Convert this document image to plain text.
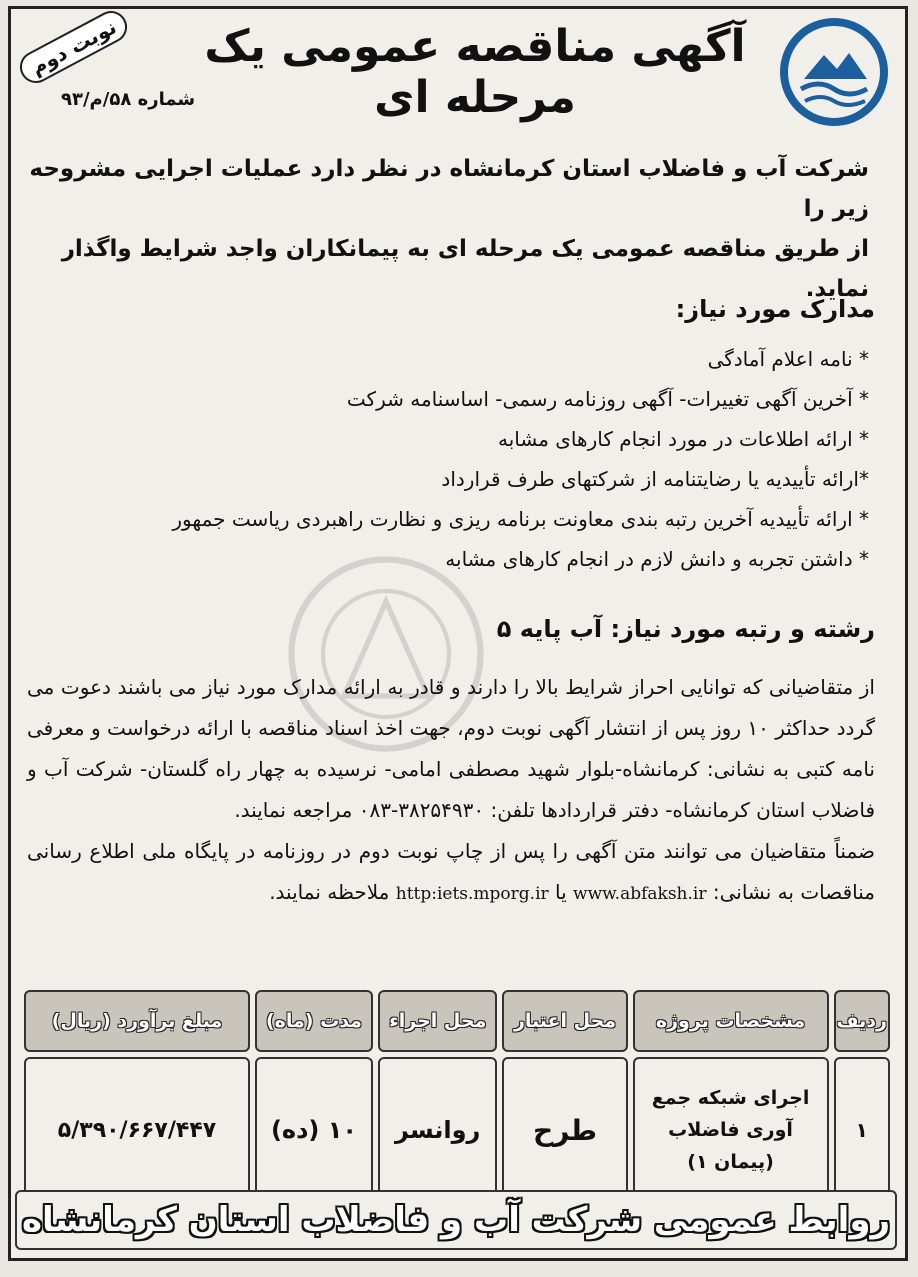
آگهی مناقصه عمومی یک مرحله ای
نوبت دوم
شماره ۵۸/م/۹۳
شرکت آب و فاضلاب استان کرمانشاه در نظر دارد عملیات اجرایی مشروحه زیر را
از طریق مناقصه عمومی یک مرحله ای به پیمانکاران واجد شرایط واگذار نماید.
مدارک مورد نیاز:
* نامه اعلام آمادگی
* آخرین آگهی تغییرات- آگهی روزنامه رسمی- اساسنامه شرکت
* ارائه اطلاعات در مورد انجام کارهای مشابه
*ارائه تأییدیه یا رضایتنامه از شرکتهای طرف قرارداد
* ارائه تأییدیه آخرین رتبه بندی معاونت برنامه ریزی و نظارت راهبردی ریاست جمهور
* داشتن تجربه و دانش لازم در انجام کارهای مشابه
رشته و رتبه مورد نیاز: آب پایه ۵

از متقاضیانی که توانایی احراز شرایط بالا را دارند و قادر به ارائه مدارک مورد نیاز می باشند دعوت می گردد حداکثر ۱۰ روز پس از انتشار آگهی نوبت دوم، جهت اخذ اسناد مناقصه با ارائه درخواست و معرفی نامه کتبی به نشانی: کرمانشاه-بلوار شهید مصطفی امامی- نرسیده به چهار راه گلستان- شرکت آب و فاضلاب استان کرمانشاه- دفتر قراردادها تلفن: ۳۸۲۵۴۹۳۰-۰۸۳ مراجعه نمایند.

ضمناً متقاضیان می توانند متن آگهی را پس از چاپ نوبت دوم در روزنامه در پایگاه ملی اطلاع رسانی مناقصات به نشانی: www.abfaksh.ir یا http:iets.mporg.ir ملاحظه نمایند.

ردیف	مشخصات پروژه	محل اعتبار	محل اجراء	مدت (ماه)	مبلغ برآورد (ریال)
۱	اجرای شبکه جمع آوری فاضلاب (پیمان ۱)	طرح	روانسر	۱۰ (ده)	۵/۳۹۰/۶۶۷/۴۴۷
روابط عمومی شرکت آب و فاضلاب استان کرمانشاه
